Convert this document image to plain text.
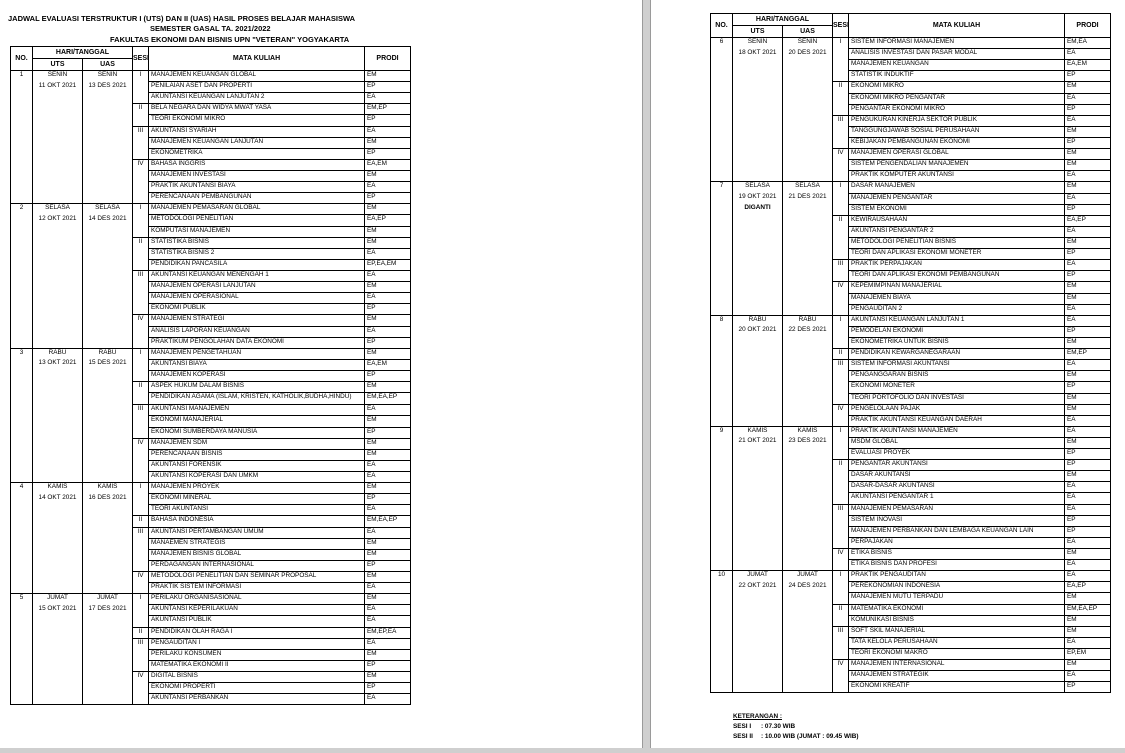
JADWAL EVALUASI TERSTRUKTUR I (UTS) DAN II (UAS) HASIL PROSES BELAJAR MAHASISWA
SEMESTER GASAL TA. 2021/2022
FAKULTAS EKONOMI DAN BISNIS UPN "VETERAN" YOGYAKARTA
NO.	HARI/TANGGAL		SESI	MATA KULIAH	PRODI
	UTS	UAS			
1	SENIN	SENIN	I	MANAJEMEN KEUANGAN GLOBAL	EM
	11 OKT 2021	13 DES 2021		PENILAIAN ASET DAN PROPERTI	EP
				AKUNTANSI KEUANGAN LANJUTAN 2	EA
			II	BELA NEGARA DAN WIDYA MWAT YASA	EM,EP
				TEORI EKONOMI MIKRO	EP
			III	AKUNTANSI SYARIAH	EA
				MANAJEMEN KEUANGAN LANJUTAN	EM
				EKONOMETRIKA	EP
			IV	BAHASA INGGRIS	EA,EM
				MANAJEMEN INVESTASI	EM
				PRAKTIK AKUNTANSI BIAYA	EA
				PERENCANAAN PEMBANGUNAN	EP
2	SELASA	SELASA	I	MANAJEMEN PEMASARAN GLOBAL	EM
	12 OKT 2021	14 DES 2021		METODOLOGI PENELITIAN	EA,EP
				KOMPUTASI MANAJEMEN	EM
			II	STATISTIKA BISNIS	EM
				STATISTIKA BISNIS 2	EA
				PENDIDIKAN PANCASILA	EP,EA,EM
			III	AKUNTANSI KEUANGAN MENENGAH 1	EA
				MANAJEMEN OPERASI LANJUTAN	EM
				MANAJEMEN OPERASIONAL	EA
				EKONOMI PUBLIK	EP
			IV	MANAJEMEN STRATEGI	EM
				ANALISIS LAPORAN KEUANGAN	EA
				PRAKTIKUM PENGOLAHAN DATA EKONOMI	EP
3	RABU	RABU	I	MANAJEMEN PENGETAHUAN	EM
	13 OKT 2021	15 DES 2021		AKUNTANSI BIAYA	EA,EM
				MANAJEMEN KOPERASI	EP
			II	ASPEK HUKUM DALAM BISNIS	EM
				PENDIDIKAN AGAMA (ISLAM, KRISTEN, KATHOLIK,BUDHA,HINDU)	EM,EA,EP
			III	AKUNTANSI MANAJEMEN	EA
				EKONOMI MANAJERIAL	EM
				EKONOMI SUMBERDAYA MANUSIA	EP
			IV	MANAJEMEN SDM	EM
				PERENCANAAN BISNIS	EM
				AKUNTANSI FORENSIK	EA
				AKUNTANSI KOPERASI DAN UMKM	EA
4	KAMIS	KAMIS	I	MANAJEMEN PROYEK	EM
	14 OKT 2021	16 DES 2021		EKONOMI MINERAL	EP
				TEORI AKUNTANSI	EA
			II	BAHASA INDONESIA	EM,EA,EP
			III	AKUNTANSI PERTAMBANGAN UMUM	EA
				MANAEMEN STRATEGIS	EM
				MANAJEMEN BISNIS GLOBAL	EM
				PERDAGANGAN INTERNASIONAL	EP
			IV	METODOLOGI PENELITIAN DAN SEMINAR PROPOSAL	EM
				PRAKTIK SISTEM INFORMASI	EA
5	JUMAT	JUMAT	I	PERILAKU ORGANISASIONAL	EM
	15 OKT 2021	17 DES 2021		AKUNTANSI KEPERILAKUAN	EA
				AKUNTANSI PUBLIK	EA
			II	PENDIDIKAN OLAH RAGA I	EM,EP,EA
			III	PENGAUDITAN I	EA
				PERILAKU KONSUMEN	EM
				MATEMATIKA EKONOMI II	EP
			IV	DIGITAL BISNIS	EM
				EKONOMI PROPERTI	EP
				AKUNTANSI PERBANKAN	EA
NO.	HARI/TANGGAL		SESI	MATA KULIAH	PRODI
	UTS	UAS			
6	SENIN	SENIN	I	SISTEM INFORMASI MANAJEMEN	EM,EA
	18 OKT 2021	20 DES 2021		ANALISIS INVESTASI DAN PASAR MODAL	EA
				MANAJEMEN KEUANGAN	EA,EM
				STATISTIK INDUKTIF	EP
			II	EKONOMI MIKRO	EM
				EKONOMI MIKRO PENGANTAR	EA
				PENGANTAR EKONOMI MIKRO	EP
			III	PENGUKURAN KINERJA SEKTOR PUBLIK	EA
				TANGGUNGJAWAB SOSIAL PERUSAHAAN	EM
				KEBIJAKAN PEMBANGUNAN EKONOMI	EP
			IV	MANAJEMEN OPERASI GLOBAL	EM
				SISTEM PENGENDALIAN MANAJEMEN	EM
				PRAKTIK KOMPUTER AKUNTANSI	EA
7	SELASA	SELASA	I	DASAR MANAJEMEN	EM
	19 OKT 2021	21 DES 2021		MANAJEMEN PENGANTAR	EA
	DIGANTI			SISTEM EKONOMI	EP
			II	KEWIRAUSAHAAN	EA,EP
				AKUNTANSI PENGANTAR 2	EA
				METODOLOGI PENELITIAN BISNIS	EM
				TEORI DAN APLIKASI EKONOMI MONETER	EP
			III	PRAKTIK PERPAJAKAN	EA
				TEORI DAN APLIKASI EKONOMI PEMBANGUNAN	EP
			IV	KEPEMIMPINAN MANAJERIAL	EM
				MANAJEMEN BIAYA	EM
				PENGAUDITAN 2	EA
8	RABU	RABU	I	AKUNTANSI KEUANGAN LANJUTAN 1	EA
	20 OKT 2021	22 DES 2021		PEMODELAN EKONOMI	EP
				EKONOMETRIKA UNTUK BISNIS	EM
			II	PENDIDIKAN KEWARGANEGARAAN	EM,EP
			III	SISTEM INFORMASI AKUNTANSI	EA
				PENGANGGARAN BISNIS	EM
				EKONOMI MONETER	EP
				TEORI PORTOFOLIO DAN INVESTASI	EM
			IV	PENGELOLAAN PAJAK	EM
				PRAKTIK AKUNTANSI KEUANGAN DAERAH	EA
9	KAMIS	KAMIS	I	PRAKTIK AKUNTANSI MANAJEMEN	EA
	21 OKT 2021	23 DES 2021		MSDM GLOBAL	EM
				EVALUASI PROYEK	EP
			II	PENGANTAR AKUNTANSI	EP
				DASAR AKUNTANSI	EM
				DASAR-DASAR AKUNTANSI	EA
				AKUNTANSI PENGANTAR 1	EA
			III	MANAJEMEN PEMASARAN	EA
				SISTEM INOVASI	EP
				MANAJEMEN PERBANKAN DAN LEMBAGA KEUANGAN LAIN	EP
				PERPAJAKAN	EA
			IV	ETIKA BISNIS	EM
				ETIKA BISNIS DAN PROFESI	EA
10	JUMAT	JUMAT	I	PRAKTIK PENGAUDITAN	EA
	22 OKT 2021	24 DES 2021		PEREKONOMIAN INDONESIA	EA,EP
				MANAJEMEN MUTU TERPADU	EM
			II	MATEMATIKA EKONOMI	EM,EA,EP
				KOMUNIKASI BISNIS	EM
			III	SOFT SKIL MANAJERIAL	EM
				TATA KELOLA PERUSAHAAN	EA
				TEORI EKONOMI MAKRO	EP,EM
			IV	MANAJEMEN INTERNASIONAL	EM
				MANAJEMEN STRATEGIK	EA
				EKONOMI KREATIF	EP
KETERANGAN :
SESI I : 07.30 WIB
SESI II : 10.00 WIB (JUMAT : 09.45 WIB)
